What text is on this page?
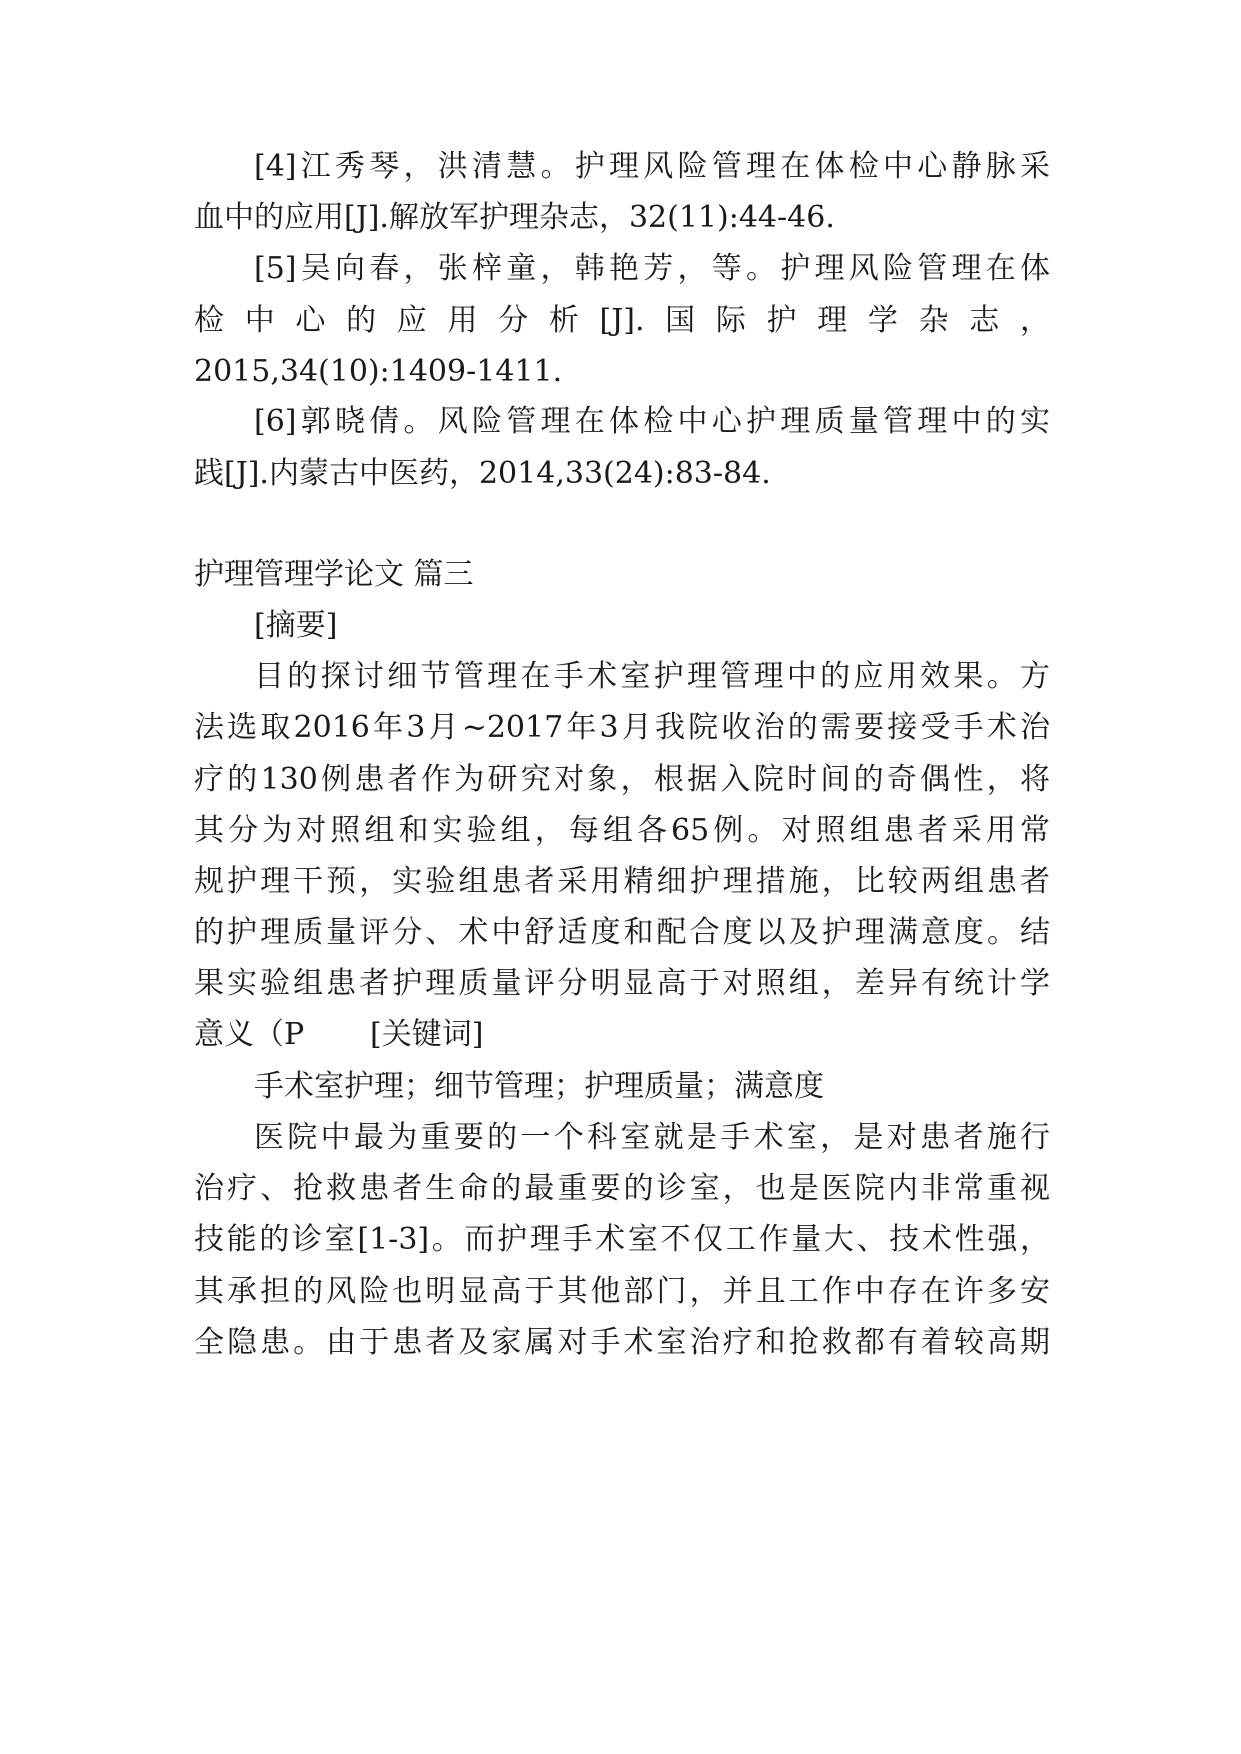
[4]江秀琴，洪清慧。护理风险管理在体检中心静脉采
血中的应用[J].解放军护理杂志，32(11):44-46.
[5]吴向春，张梓童，韩艳芳，等。护理风险管理在体
检中心的应用分析[J].国际护理学杂志，
2015,34(10):1409-1411.
[6]郭晓倩。风险管理在体检中心护理质量管理中的实
践[J].内蒙古中医药，2014,33(24):83-84.
护理管理学论文 篇三
[摘要]
目的探讨细节管理在手术室护理管理中的应用效果。方
法选取2016年3月~2017年3月我院收治的需要接受手术治
疗的130例患者作为研究对象，根据入院时间的奇偶性，将
其分为对照组和实验组，每组各65例。对照组患者采用常
规护理干预，实验组患者采用精细护理措施，比较两组患者
的护理质量评分、术中舒适度和配合度以及护理满意度。结
果实验组患者护理质量评分明显高于对照组，差异有统计学
意义（P	[关键词]
手术室护理；细节管理；护理质量；满意度
医院中最为重要的一个科室就是手术室，是对患者施行
治疗、抢救患者生命的最重要的诊室，也是医院内非常重视
技能的诊室[1-3]。而护理手术室不仅工作量大、技术性强，
其承担的风险也明显高于其他部门，并且工作中存在许多安
全隐患。由于患者及家属对手术室治疗和抢救都有着较高期
